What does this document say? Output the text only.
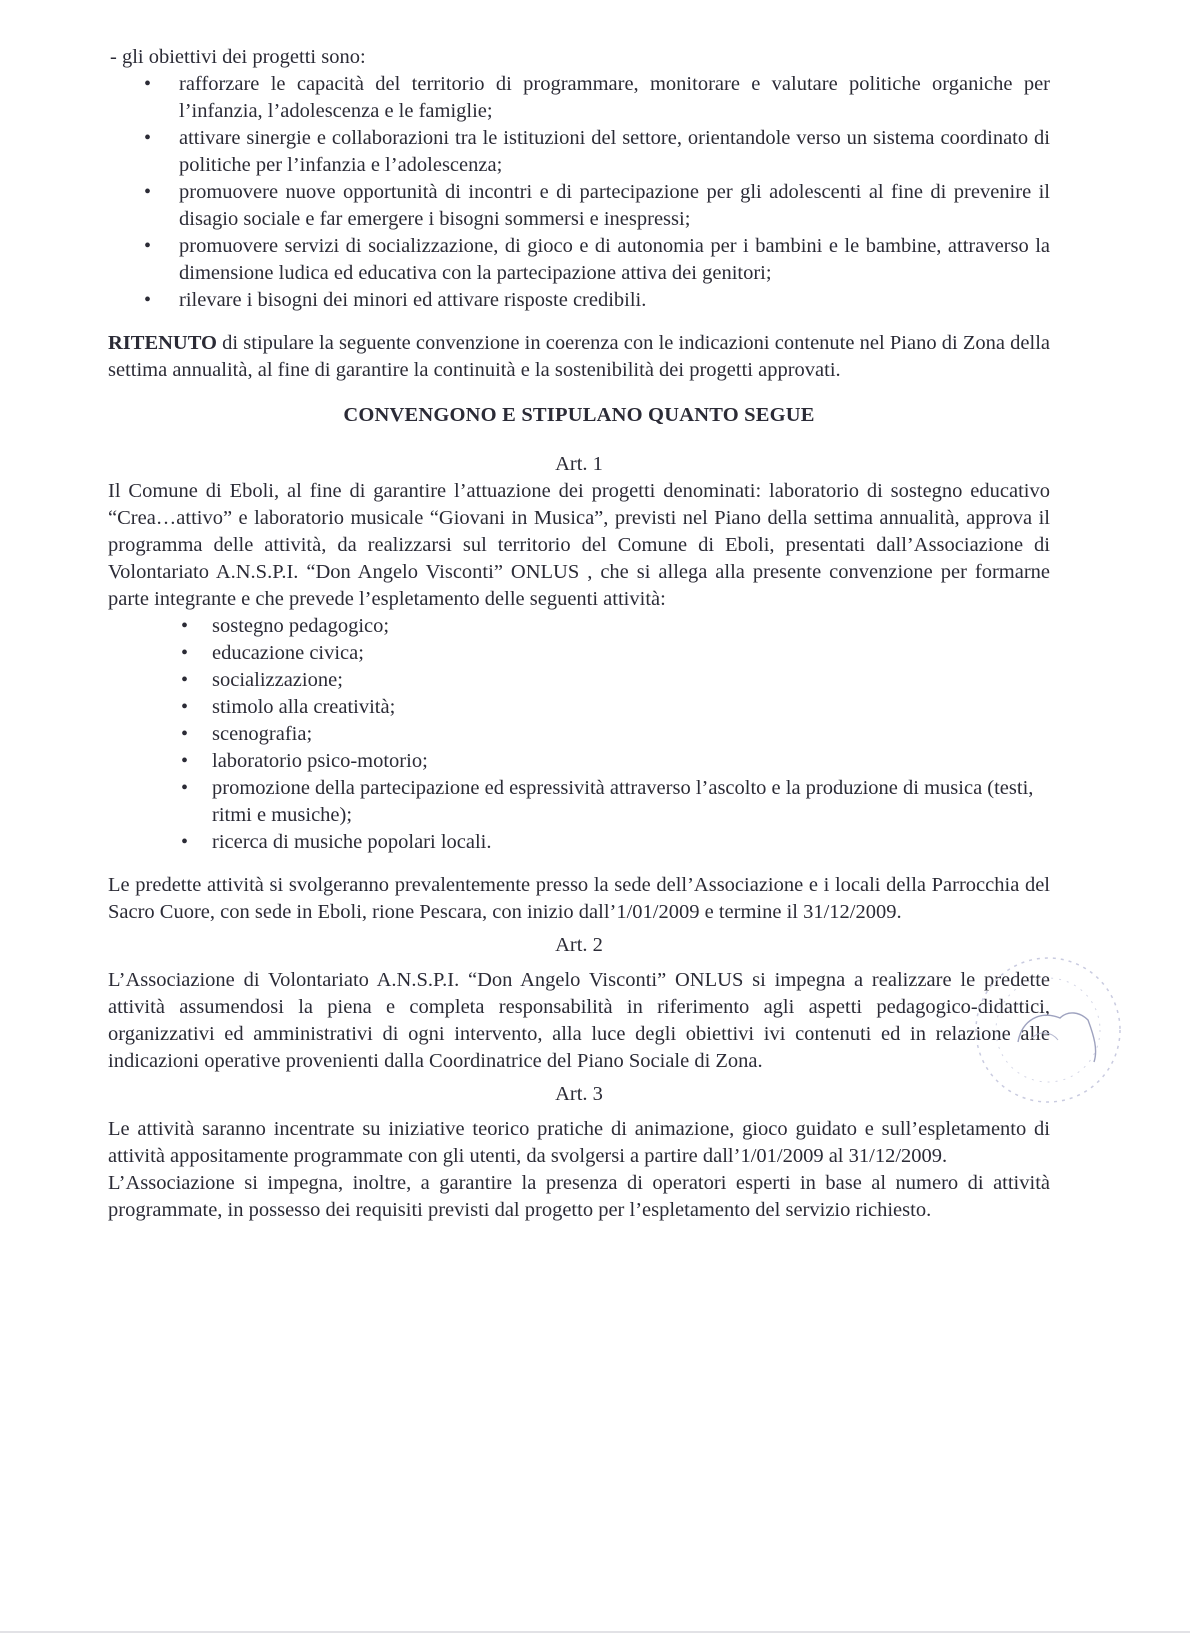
- gli obiettivi dei progetti sono:

• rafforzare le capacità del territorio di programmare, monitorare e valutare politiche organiche per l’infanzia, l’adolescenza e le famiglie;
• attivare sinergie e collaborazioni tra le istituzioni del settore, orientandole verso un sistema coordinato di politiche per l’infanzia e l’adolescenza;
• promuovere nuove opportunità di incontri e di partecipazione per gli adolescenti al fine di prevenire il disagio sociale e far emergere i bisogni sommersi e inespressi;
• promuovere servizi di socializzazione, di gioco e di autonomia per i bambini e le bambine, attraverso la dimensione ludica ed educativa con la partecipazione attiva dei genitori;
• rilevare i bisogni dei minori ed attivare risposte credibili.

RITENUTO di stipulare la seguente convenzione in coerenza con le indicazioni contenute nel Piano di Zona della settima annualità, al fine di garantire la continuità e la sostenibilità dei progetti approvati.

CONVENGONO E STIPULANO QUANTO SEGUE

Art. 1

Il Comune di Eboli, al fine di garantire l’attuazione dei progetti denominati: laboratorio di sostegno educativo “Crea…attivo” e laboratorio musicale “Giovani in Musica”, previsti nel Piano della settima annualità, approva il programma delle attività, da realizzarsi sul territorio del Comune di Eboli, presentati dall’Associazione di Volontariato A.N.S.P.I. “Don Angelo Visconti” ONLUS , che si allega alla presente convenzione per formarne parte integrante e che prevede l’espletamento delle seguenti attività:

• sostegno pedagogico;
• educazione civica;
• socializzazione;
• stimolo alla creatività;
• scenografia;
• laboratorio psico-motorio;
• promozione della partecipazione ed espressività attraverso l’ascolto e la produzione di musica (testi, ritmi e musiche);
• ricerca di musiche popolari locali.

Le predette attività si svolgeranno prevalentemente presso la sede dell’Associazione e i locali della Parrocchia del Sacro Cuore, con sede in Eboli, rione Pescara, con inizio dall’1/01/2009 e termine il 31/12/2009.

Art. 2

L’Associazione di Volontariato A.N.S.P.I. “Don Angelo Visconti” ONLUS si impegna a realizzare le predette attività assumendosi la piena e completa responsabilità in riferimento agli aspetti pedagogico-didattici, organizzativi ed amministrativi di ogni intervento, alla luce degli obiettivi ivi contenuti ed in relazione alle indicazioni operative provenienti dalla Coordinatrice del Piano Sociale di Zona.

Art. 3

Le attività saranno incentrate su iniziative teorico pratiche di animazione, gioco guidato e sull’espletamento di attività appositamente programmate con gli utenti, da svolgersi a partire dall’1/01/2009 al 31/12/2009.

L’Associazione si impegna, inoltre, a garantire la presenza di operatori esperti in base al numero di attività programmate, in possesso dei requisiti previsti dal progetto per l’espletamento del servizio richiesto.
